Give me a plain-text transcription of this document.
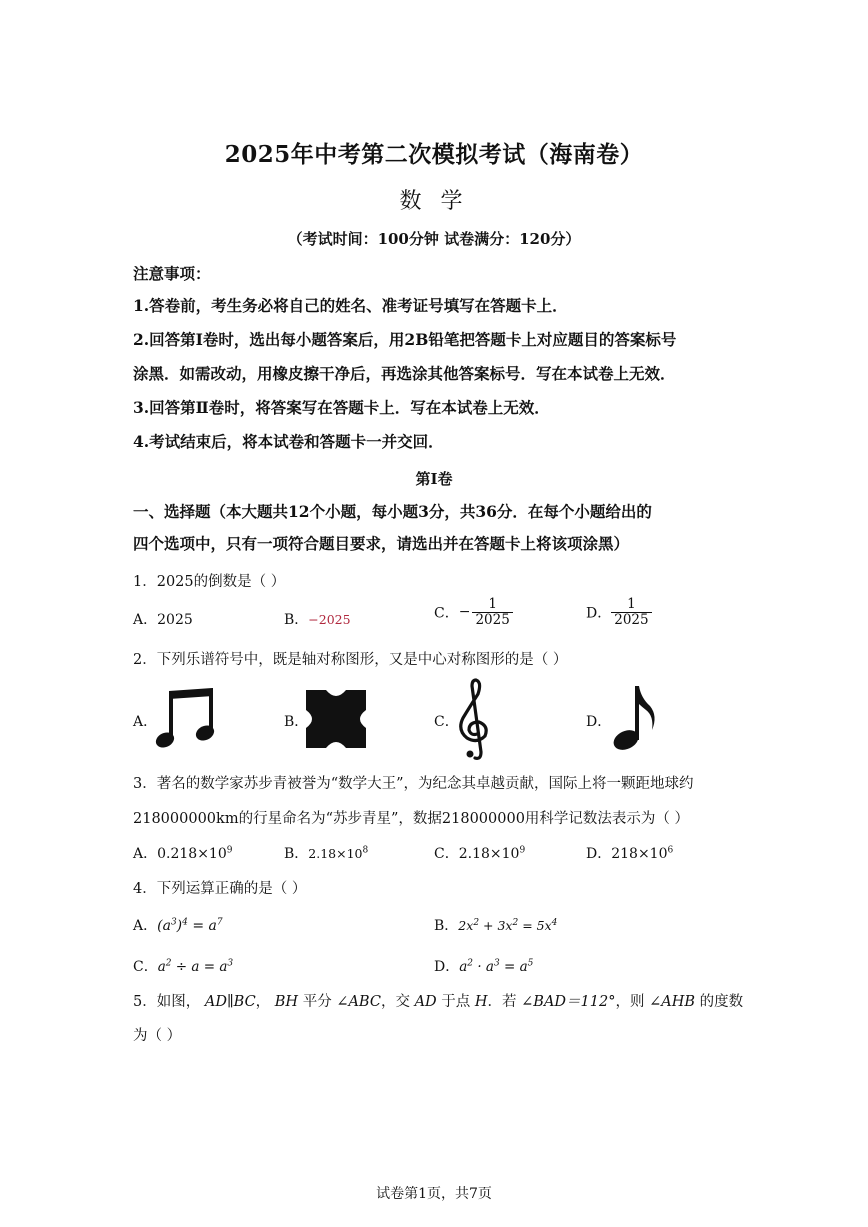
2025年中考第二次模拟考试（海南卷）
数 学
（考试时间：100分钟 试卷满分：120分）
注意事项：
1.答卷前，考生务必将自己的姓名、准考证号填写在答题卡上．
2.回答第Ⅰ卷时，选出每小题答案后，用2B铅笔把答题卡上对应题目的答案标号
涂黑．如需改动，用橡皮擦干净后，再选涂其他答案标号．写在本试卷上无效．
3.回答第Ⅱ卷时，将答案写在答题卡上．写在本试卷上无效．
4.考试结束后，将本试卷和答题卡一并交回．
第Ⅰ卷
一、选择题（本大题共12个小题，每小题3分，共36分．在每个小题给出的
四个选项中，只有一项符合题目要求，请选出并在答题卡上将该项涂黑）
1．2025的倒数是（ ）
A．2025	B．−2025	C．− $\frac{1}{2025}$	D． $\frac{1}{2025}$
2．下列乐谱符号中，既是轴对称图形，又是中心对称图形的是（ ）
A．	B．	C．	D．
3．著名的数学家苏步青被誉为“数学大王”，为纪念其卓越贡献，国际上将一颗距地球约
218000000km的行星命名为“苏步青星”，数据218000000用科学记数法表示为（ ）
A．$0.218\times 10^9$	B．$2.18\times 10^8$	C．$2.18\times 10^9$	D．$218\times 10^6$
4．下列运算正确的是（ ）
A．$(a^3)^4 = a^7$	B．$2x^2 + 3x^2 = 5x^4$
C．$a^2 \div a = a^3$	D．$a^2 \cdot a^3 = a^5$
5．如图， AD∥BC， BH 平分 ∠ABC，交 AD 于点 H．若 ∠BAD＝112°，则 ∠AHB 的度数
为（ ）
试卷第1页，共7页
